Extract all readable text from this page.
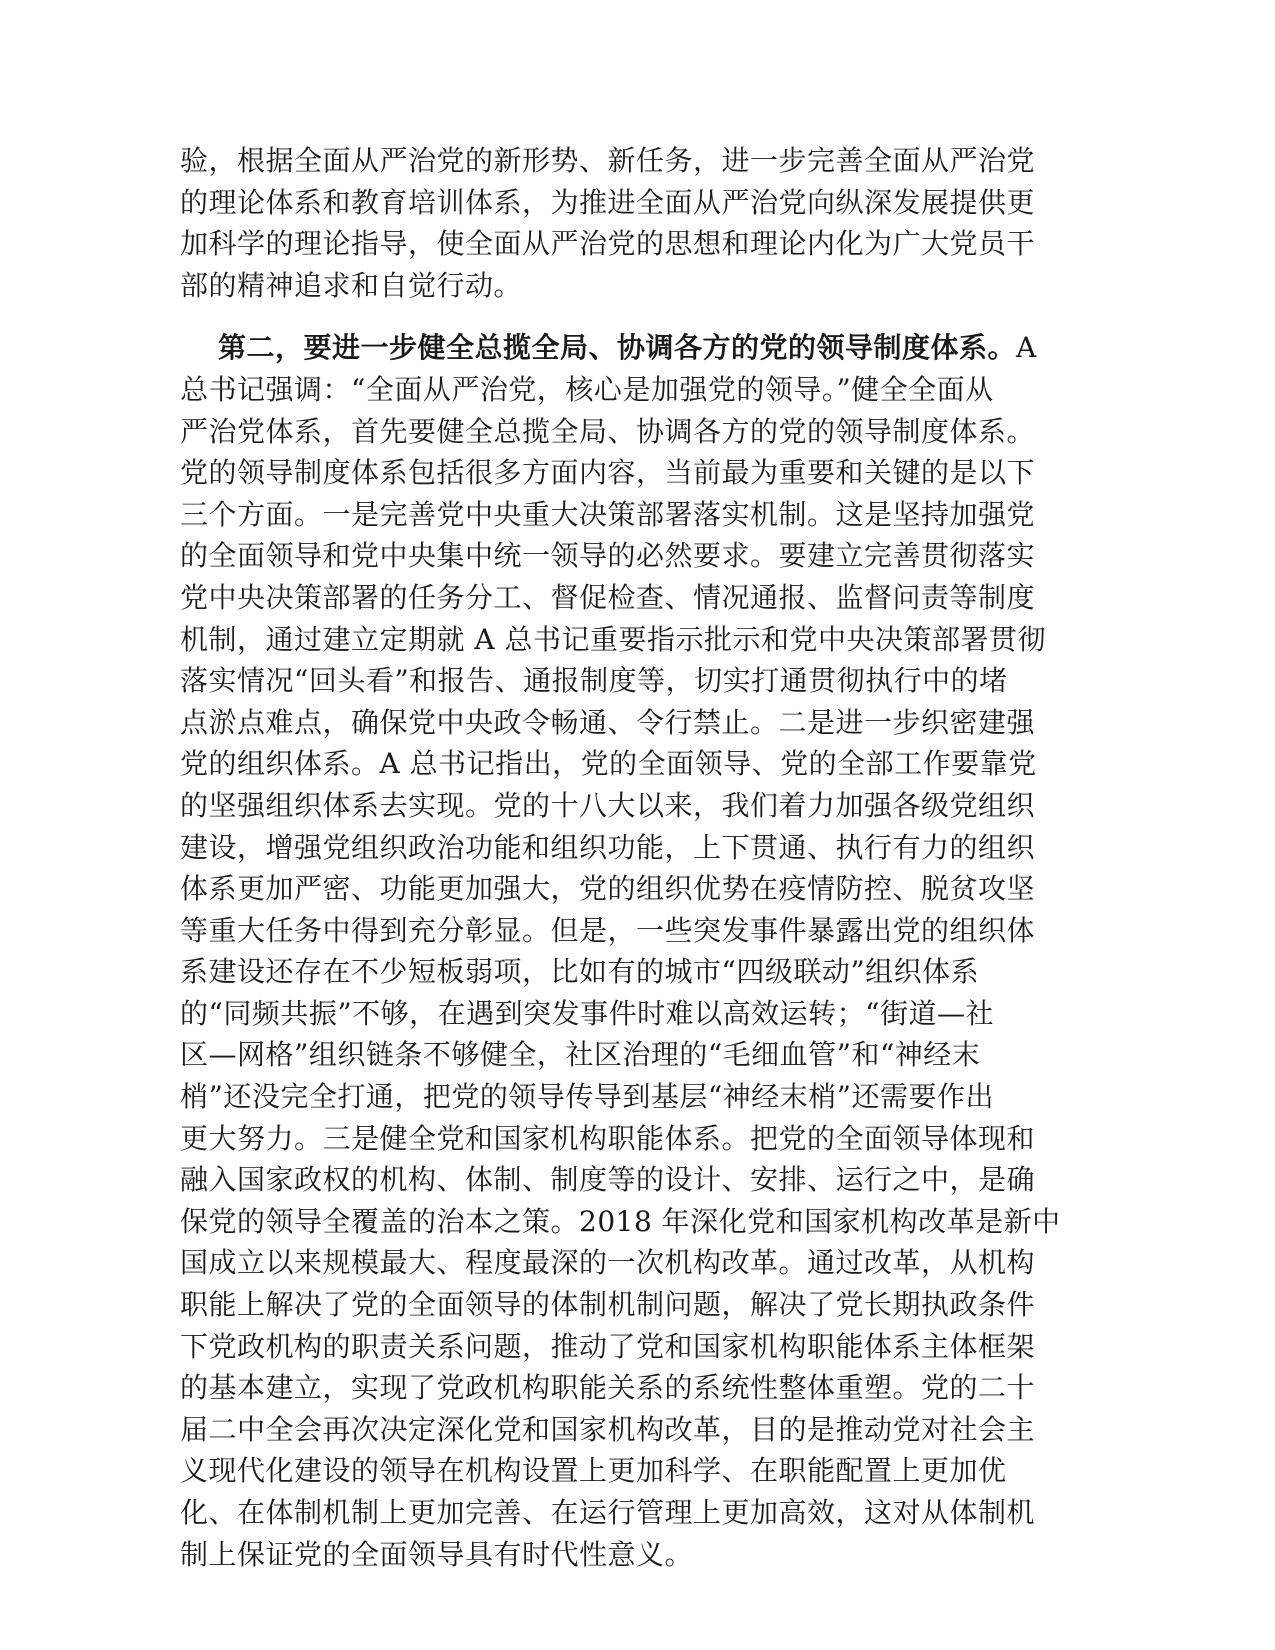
验，根据全面从严治党的新形势、新任务，进一步完善全面从严治党
的理论体系和教育培训体系，为推进全面从严治党向纵深发展提供更
加科学的理论指导，使全面从严治党的思想和理论内化为广大党员干
部的精神追求和自觉行动。
第二，要进一步健全总揽全局、协调各方的党的领导制度体系。A
总书记强调：“全面从严治党，核心是加强党的领导。”健全全面从
严治党体系，首先要健全总揽全局、协调各方的党的领导制度体系。
党的领导制度体系包括很多方面内容，当前最为重要和关键的是以下
三个方面。一是完善党中央重大决策部署落实机制。这是坚持加强党
的全面领导和党中央集中统一领导的必然要求。要建立完善贯彻落实
党中央决策部署的任务分工、督促检查、情况通报、监督问责等制度
机制，通过建立定期就 A 总书记重要指示批示和党中央决策部署贯彻
落实情况“回头看”和报告、通报制度等，切实打通贯彻执行中的堵
点淤点难点，确保党中央政令畅通、令行禁止。二是进一步织密建强
党的组织体系。A 总书记指出，党的全面领导、党的全部工作要靠党
的坚强组织体系去实现。党的十八大以来，我们着力加强各级党组织
建设，增强党组织政治功能和组织功能，上下贯通、执行有力的组织
体系更加严密、功能更加强大，党的组织优势在疫情防控、脱贫攻坚
等重大任务中得到充分彰显。但是，一些突发事件暴露出党的组织体
系建设还存在不少短板弱项，比如有的城市“四级联动”组织体系
的“同频共振”不够，在遇到突发事件时难以高效运转；“街道—社
区—网格”组织链条不够健全，社区治理的“毛细血管”和“神经末
梢”还没完全打通，把党的领导传导到基层“神经末梢”还需要作出
更大努力。三是健全党和国家机构职能体系。把党的全面领导体现和
融入国家政权的机构、体制、制度等的设计、安排、运行之中，是确
保党的领导全覆盖的治本之策。2018 年深化党和国家机构改革是新中
国成立以来规模最大、程度最深的一次机构改革。通过改革，从机构
职能上解决了党的全面领导的体制机制问题，解决了党长期执政条件
下党政机构的职责关系问题，推动了党和国家机构职能体系主体框架
的基本建立，实现了党政机构职能关系的系统性整体重塑。党的二十
届二中全会再次决定深化党和国家机构改革，目的是推动党对社会主
义现代化建设的领导在机构设置上更加科学、在职能配置上更加优
化、在体制机制上更加完善、在运行管理上更加高效，这对从体制机
制上保证党的全面领导具有时代性意义。
